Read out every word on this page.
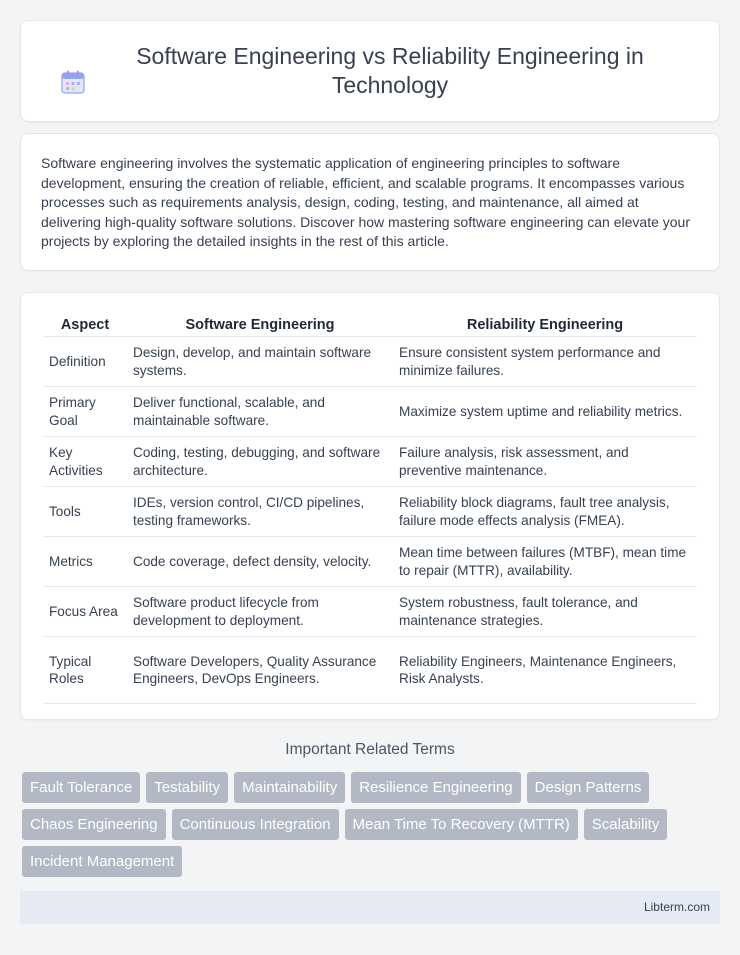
Software Engineering vs Reliability Engineering in Technology

Software engineering involves the systematic application of engineering principles to software development, ensuring the creation of reliable, efficient, and scalable programs. It encompasses various processes such as requirements analysis, design, coding, testing, and maintenance, all aimed at delivering high-quality software solutions. Discover how mastering software engineering can elevate your projects by exploring the detailed insights in the rest of this article.

Aspect	Software Engineering	Reliability Engineering
Definition	Design, develop, and maintain software systems.	Ensure consistent system performance and minimize failures.
Primary Goal	Deliver functional, scalable, and maintainable software.	Maximize system uptime and reliability metrics.
Key Activities	Coding, testing, debugging, and software architecture.	Failure analysis, risk assessment, and preventive maintenance.
Tools	IDEs, version control, CI/CD pipelines, testing frameworks.	Reliability block diagrams, fault tree analysis, failure mode effects analysis (FMEA).
Metrics	Code coverage, defect density, velocity.	Mean time between failures (MTBF), mean time to repair (MTTR), availability.
Focus Area	Software product lifecycle from development to deployment.	System robustness, fault tolerance, and maintenance strategies.
Typical Roles	Software Developers, Quality Assurance Engineers, DevOps Engineers.	Reliability Engineers, Maintenance Engineers, Risk Analysts.
Important Related Terms
Fault Tolerance	Testability	Maintainability	Resilience Engineering	Design Patterns
Chaos Engineering	Continuous Integration	Mean Time To Recovery (MTTR)	Scalability
Incident Management
Libterm.com
